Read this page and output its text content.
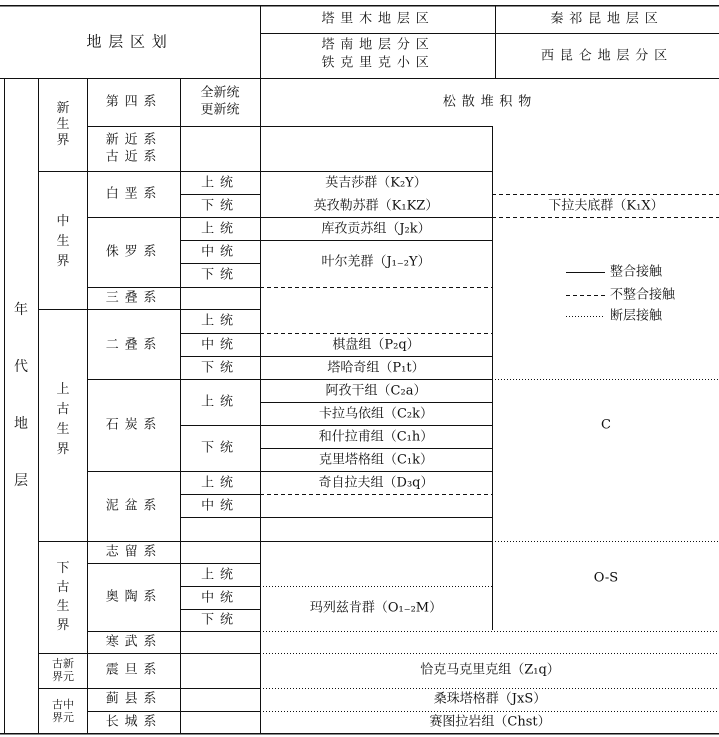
地层区划
塔里木地层区	秦祁昆地层区
塔南地层分区
铁克里克小区	西昆仑地层分区
年
代
地
层
新
生
界
中
生
界
上
古
生
界
下
古
生
界
古新
界元
古中
界元
第四系
新近系
古近系
白垩系
侏罗系
三叠系
二叠系
石炭系
泥盆系
志留系
奥陶系
寒武系
震旦系
蓟县系
长城系
全新统
更新统
上统
下统
上统
中统
下统
上统
中统
下统
上统
下统
上统
中统
上统
中统
下统
松散堆积物
英吉莎群（K₂Y）
英孜勒苏群（K₁KZ）
库孜贡苏组（J₂k）
叶尔羌群（J₁₋₂Y）
棋盘组（P₂q）
塔哈奇组（P₁t）
阿孜干组（C₂a）
卡拉乌依组（C₂k）
和什拉甫组（C₁h）
克里塔格组（C₁k）
奇自拉夫组（D₃q）
玛列兹肯群（O₁₋₂M）
下拉夫底群（K₁X）
C
O-S
恰克马克里克组（Z₁q）
桑珠塔格群（JxS）
赛图拉岩组（Chst）
整合接触
不整合接触
断层接触
